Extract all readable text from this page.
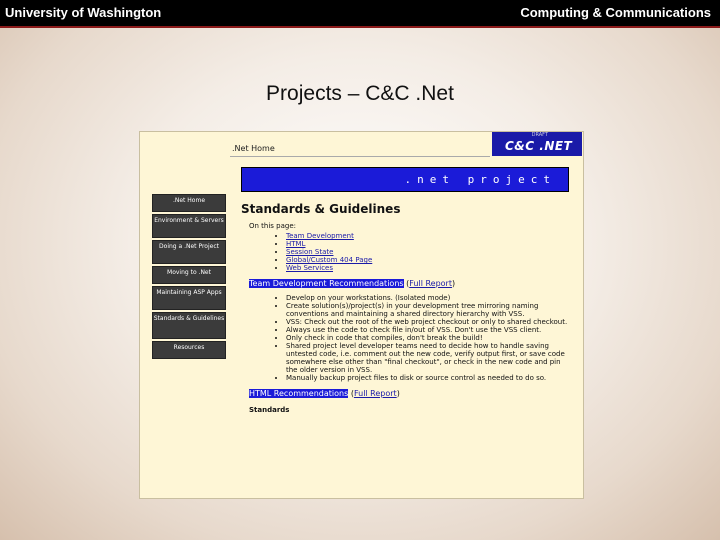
University of Washington	Computing & Communications
Projects – C&C .Net
.Net Home
DRAFT
C&C .NET
.Net Home
Environment & Servers
Doing a .Net Project
Moving to .Net
Maintaining ASP Apps
Standards & Guidelines
Resources
.net project
Standards & Guidelines
On this page:
• Team Development
• HTML
• Session State
• Global/Custom 404 Page
• Web Services
Team Development Recommendations (Full Report)
• Develop on your workstations. (Isolated mode)
• Create solution(s)/project(s) in your development tree mirroring naming conventions and maintaining a shared directory hierarchy with VSS.
• VSS: Check out the root of the web project checkout or only to shared checkout.
• Always use the code to check file in/out of VSS. Don't use the VSS client.
• Only check in code that compiles, don't break the build!
• Shared project level developer teams need to decide how to handle saving untested code, i.e. comment out the new code, verify output first, or save code somewhere else other than "final checkout", or check in the new code and pin the older version in VSS.
• Manually backup project files to disk or source control as needed to do so.
HTML Recommendations (Full Report)
Standards
